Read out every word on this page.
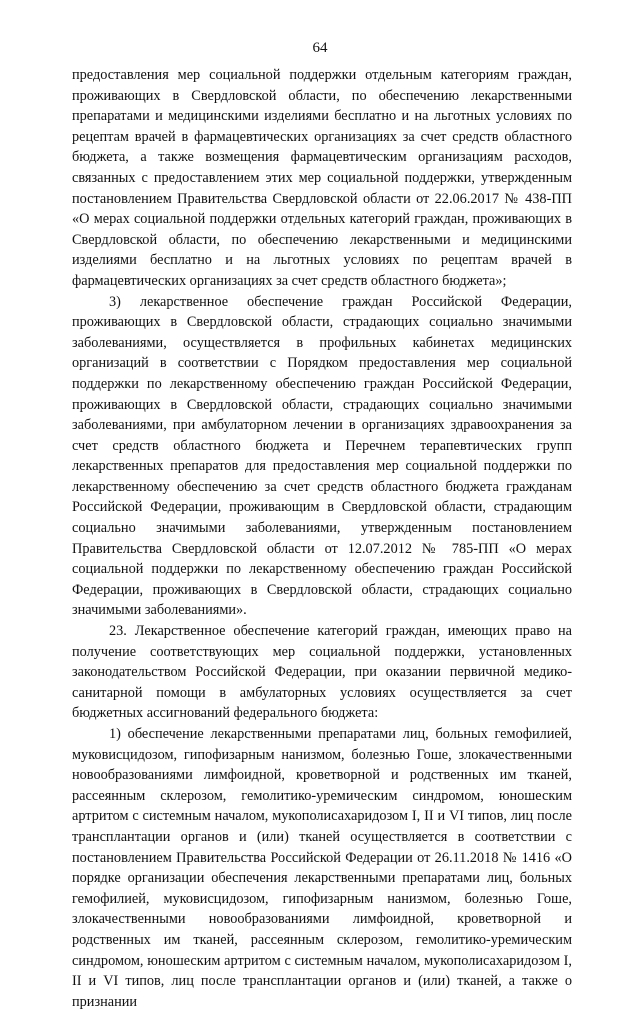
64

предоставления мер социальной поддержки отдельным категориям граждан, проживающих в Свердловской области, по обеспечению лекарственными препаратами и медицинскими изделиями бесплатно и на льготных условиях по рецептам врачей в фармацевтических организациях за счет средств областного бюджета, а также возмещения фармацевтическим организациям расходов, связанных с предоставлением этих мер социальной поддержки, утвержденным постановлением Правительства Свердловской области от 22.06.2017 № 438-ПП «О мерах социальной поддержки отдельных категорий граждан, проживающих в Свердловской области, по обеспечению лекарственными и медицинскими изделиями бесплатно и на льготных условиях по рецептам врачей в фармацевтических организациях за счет средств областного бюджета»;

3) лекарственное обеспечение граждан Российской Федерации, проживающих в Свердловской области, страдающих социально значимыми заболеваниями, осуществляется в профильных кабинетах медицинских организаций в соответствии с Порядком предоставления мер социальной поддержки по лекарственному обеспечению граждан Российской Федерации, проживающих в Свердловской области, страдающих социально значимыми заболеваниями, при амбулаторном лечении в организациях здравоохранения за счет средств областного бюджета и Перечнем терапевтических групп лекарственных препаратов для предоставления мер социальной поддержки по лекарственному обеспечению за счет средств областного бюджета гражданам Российской Федерации, проживающим в Свердловской области, страдающим социально значимыми заболеваниями, утвержденным постановлением Правительства Свердловской области от 12.07.2012 № 785-ПП «О мерах социальной поддержки по лекарственному обеспечению граждан Российской Федерации, проживающих в Свердловской области, страдающих социально значимыми заболеваниями».

23. Лекарственное обеспечение категорий граждан, имеющих право на получение соответствующих мер социальной поддержки, установленных законодательством Российской Федерации, при оказании первичной медико-санитарной помощи в амбулаторных условиях осуществляется за счет бюджетных ассигнований федерального бюджета:

1) обеспечение лекарственными препаратами лиц, больных гемофилией, муковисцидозом, гипофизарным нанизмом, болезнью Гоше, злокачественными новообразованиями лимфоидной, кроветворной и родственных им тканей, рассеянным склерозом, гемолитико-уремическим синдромом, юношеским артритом с системным началом, мукополисахаридозом I, II и VI типов, лиц после трансплантации органов и (или) тканей осуществляется в соответствии с постановлением Правительства Российской Федерации от 26.11.2018 № 1416 «О порядке организации обеспечения лекарственными препаратами лиц, больных гемофилией, муковисцидозом, гипофизарным нанизмом, болезнью Гоше, злокачественными новообразованиями лимфоидной, кроветворной и родственных им тканей, рассеянным склерозом, гемолитико-уремическим синдромом, юношеским артритом с системным началом, мукополисахаридозом I, II и VI типов, лиц после трансплантации органов и (или) тканей, а также о признании
